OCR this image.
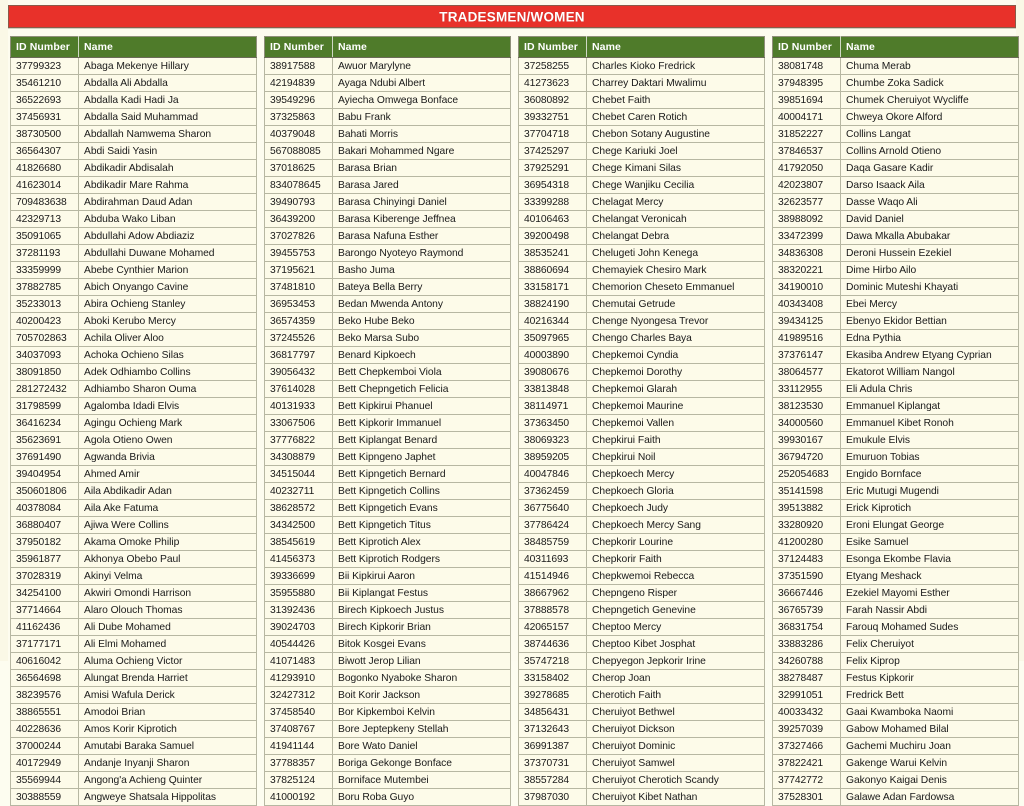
TRADESMEN/WOMEN
ID Number	Name
37799323	Abaga Mekenye Hillary
35461210	Abdalla Ali Abdalla
36522693	Abdalla Kadi Hadi Ja
37456931	Abdalla Said Muhammad
38730500	Abdallah Namwema Sharon
36564307	Abdi Saidi Yasin
41826680	Abdikadir Abdisalah
41623014	Abdikadir Mare Rahma
709483638	Abdirahman Daud Adan
42329713	Abduba Wako Liban
35091065	Abdullahi Adow Abdiaziz
37281193	Abdullahi Duwane Mohamed
33359999	Abebe Cynthier Marion
37882785	Abich Onyango Cavine
35233013	Abira Ochieng Stanley
40200423	Aboki Kerubo Mercy
705702863	Achila Oliver Aloo
34037093	Achoka Ochieno Silas
38091850	Adek Odhiambo Collins
281272432	Adhiambo Sharon Ouma
31798599	Agalomba Idadi Elvis
36416234	Agingu Ochieng Mark
35623691	Agola Otieno Owen
37691490	Agwanda Brivia
39404954	Ahmed Amir
350601806	Aila Abdikadir Adan
40378084	Aila Ake Fatuma
36880407	Ajiwa Were Collins
37950182	Akama Omoke Philip
35961877	Akhonya Obebo Paul
37028319	Akinyi Velma
34254100	Akwiri Omondi Harrison
37714664	Alaro Olouch Thomas
41162436	Ali Dube Mohamed
37177171	Ali Elmi Mohamed
40616042	Aluma Ochieng Victor
36564698	Alungat Brenda Harriet
38239576	Amisi Wafula Derick
38865551	Amodoi Brian
40228636	Amos Korir Kiprotich
37000244	Amutabi Baraka Samuel
40172949	Andanje Inyanji Sharon
35569944	Angong'a Achieng Quinter
30388559	Angweye Shatsala Hippolitas
ID Number	Name
38917588	Awuor Marylyne
42194839	Ayaga Ndubi Albert
39549296	Ayiecha Omwega Bonface
37325863	Babu Frank
40379048	Bahati Morris
567088085	Bakari Mohammed Ngare
37018625	Barasa Brian
834078645	Barasa Jared
39490793	Barasa Chinyingi Daniel
36439200	Barasa Kiberenge Jeffnea
37027826	Barasa Nafuna Esther
39455753	Barongo Nyoteyo Raymond
37195621	Basho Juma
37481810	Bateya Bella Berry
36953453	Bedan Mwenda Antony
36574359	Beko Hube Beko
37245526	Beko Marsa Subo
36817797	Benard Kipkoech
39056432	Bett Chepkemboi Viola
37614028	Bett Chepngetich Felicia
40131933	Bett Kipkirui Phanuel
33067506	Bett Kipkorir Immanuel
37776822	Bett Kiplangat Benard
34308879	Bett Kipngeno Japhet
34515044	Bett Kipngetich Bernard
40232711	Bett Kipngetich Collins
38628572	Bett Kipngetich Evans
34342500	Bett Kipngetich Titus
38545619	Bett Kiprotich Alex
41456373	Bett Kiprotich Rodgers
39336699	Bii Kipkirui Aaron
35955880	Bii Kiplangat Festus
31392436	Birech Kipkoech Justus
39024703	Birech Kipkorir Brian
40544426	Bitok Kosgei Evans
41071483	Biwott Jerop Lilian
41293910	Bogonko Nyaboke Sharon
32427312	Boit Korir Jackson
37458540	Bor Kipkemboi Kelvin
37408767	Bore Jeptepkeny Stellah
41941144	Bore Wato Daniel
37788357	Boriga Gekonge Bonface
37825124	Borniface Mutembei
41000192	Boru Roba Guyo
ID Number	Name
37258255	Charles Kioko Fredrick
41273623	Charrey Daktari Mwalimu
36080892	Chebet Faith
39332751	Chebet Caren Rotich
37704718	Chebon Sotany Augustine
37425297	Chege Kariuki Joel
37925291	Chege Kimani Silas
36954318	Chege Wanjiku Cecilia
33399288	Chelagat Mercy
40106463	Chelangat Veronicah
39200498	Chelangat Debra
38535241	Chelugeti John Kenega
38860694	Chemayiek Chesiro Mark
33158171	Chemorion Cheseto Emmanuel
38824190	Chemutai Getrude
40216344	Chenge Nyongesa Trevor
35097965	Chengo Charles Baya
40003890	Chepkemoi Cyndia
39080676	Chepkemoi Dorothy
33813848	Chepkemoi Glarah
38114971	Chepkemoi Maurine
37363450	Chepkemoi Vallen
38069323	Chepkirui Faith
38959205	Chepkirui Noil
40047846	Chepkoech Mercy
37362459	Chepkoech Gloria
36775640	Chepkoech Judy
37786424	Chepkoech Mercy Sang
38485759	Chepkorir Lourine
40311693	Chepkorir Faith
41514946	Chepkwemoi Rebecca
38667962	Chepngeno Risper
37888578	Chepngetich Genevine
42065157	Cheptoo Mercy
38744636	Cheptoo Kibet Josphat
35747218	Chepyegon Jepkorir Irine
33158402	Cherop Joan
39278685	Cherotich Faith
34856431	Cheruiyot Bethwel
37132643	Cheruiyot Dickson
36991387	Cheruiyot Dominic
37370731	Cheruiyot Samwel
38557284	Cheruiyot Cherotich Scandy
37987030	Cheruiyot Kibet Nathan
ID Number	Name
38081748	Chuma Merab
37948395	Chumbe Zoka Sadick
39851694	Chumek Cheruiyot Wycliffe
40004171	Chweya Okore Alford
31852227	Collins Langat
37846537	Collins Arnold Otieno
41792050	Daqa Gasare Kadir
42023807	Darso Isaack Aila
32623577	Dasse Waqo Ali
38988092	David Daniel
33472399	Dawa Mkalla Abubakar
34836308	Deroni Hussein Ezekiel
38320221	Dime Hirbo Ailo
34190010	Dominic Muteshi Khayati
40343408	Ebei Mercy
39434125	Ebenyo Ekidor Bettian
41989516	Edna Pythia
37376147	Ekasiba Andrew Etyang Cyprian
38064577	Ekatorot William Nangol
33112955	Eli Adula Chris
38123530	Emmanuel Kiplangat
34000560	Emmanuel Kibet Ronoh
39930167	Emukule Elvis
36794720	Emuruon Tobias
252054683	Engido Bornface
35141598	Eric Mutugi Mugendi
39513882	Erick Kiprotich
33280920	Eroni Elungat George
41200280	Esike Samuel
37124483	Esonga Ekombe Flavia
37351590	Etyang Meshack
36667446	Ezekiel Mayomi Esther
36765739	Farah Nassir Abdi
36831754	Farouq Mohamed Sudes
33883286	Felix Cheruiyot
34260788	Felix Kiprop
38278487	Festus Kipkorir
32991051	Fredrick Bett
40033432	Gaai Kwamboka Naomi
39257039	Gabow Mohamed Bilal
37327466	Gachemi Muchiru Joan
37822421	Gakenge Warui Kelvin
37742772	Gakonyo Kaigai Denis
37528301	Galawe Adan Fardowsa
